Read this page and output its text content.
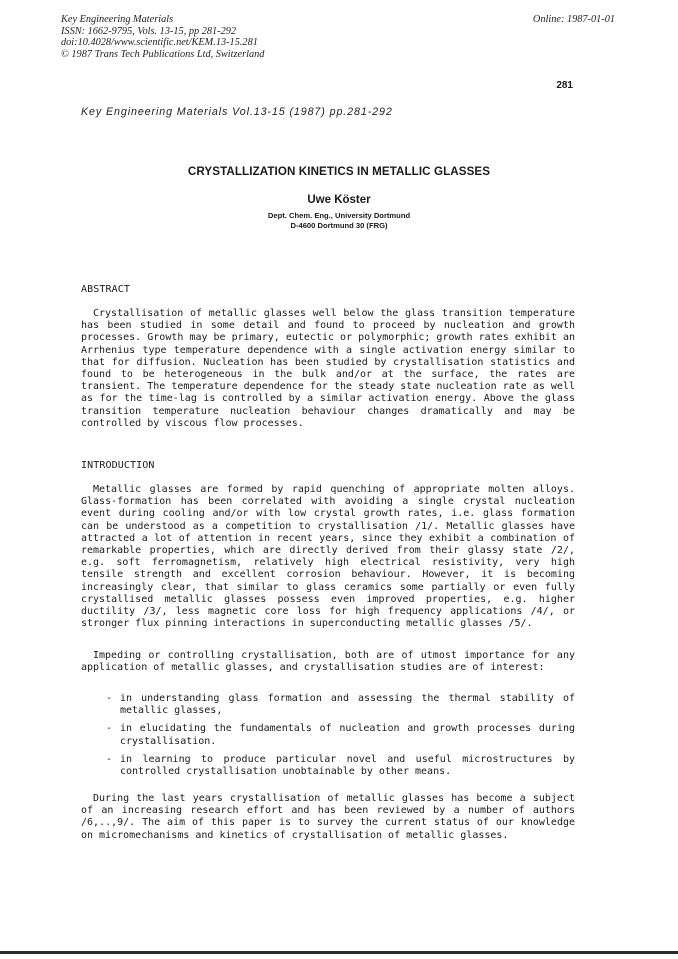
Key Engineering Materials
ISSN: 1662-9795, Vols. 13-15, pp 281-292
doi:10.4028/www.scientific.net/KEM.13-15.281
© 1987 Trans Tech Publications Ltd, Switzerland
Online: 1987-01-01
281
Key Engineering Materials Vol.13-15 (1987) pp.281-292
CRYSTALLIZATION KINETICS IN METALLIC GLASSES
Uwe Köster
Dept. Chem. Eng., University Dortmund
D-4600 Dortmund 30 (FRG)
ABSTRACT

Crystallisation of metallic glasses well below the glass transition temperature has been studied in some detail and found to proceed by nucleation and growth processes. Growth may be primary, eutectic or polymorphic; growth rates exhibit an Arrhenius type temperature dependence with a single activation energy similar to that for diffusion. Nucleation has been studied by crystallisation statistics and found to be heterogeneous in the bulk and/or at the surface, the rates are transient. The temperature dependence for the steady state nucleation rate as well as for the time-lag is controlled by a similar activation energy. Above the glass transition temperature nucleation behaviour changes dramatically and may be controlled by viscous flow processes.

INTRODUCTION

Metallic glasses are formed by rapid quenching of appropriate molten alloys. Glass-formation has been correlated with avoiding a single crystal nucleation event during cooling and/or with low crystal growth rates, i.e. glass formation can be understood as a competition to crystallisation /1/. Metallic glasses have attracted a lot of attention in recent years, since they exhibit a combination of remarkable properties, which are directly derived from their glassy state /2/, e.g. soft ferromagnetism, relatively high electrical resistivity, very high tensile strength and excellent corrosion behaviour. However, it is becoming increasingly clear, that similar to glass ceramics some partially or even fully crystallised metallic glasses possess even improved properties, e.g. higher ductility /3/, less magnetic core loss for high frequency applications /4/, or stronger flux pinning interactions in superconducting metallic glasses /5/.

Impeding or controlling crystallisation, both are of utmost importance for any application of metallic glasses, and crystallisation studies are of interest:

- in understanding glass formation and assessing the thermal stability of metallic glasses,
- in elucidating the fundamentals of nucleation and growth processes during crystallisation.
- in learning to produce particular novel and useful microstructures by controlled crystallisation unobtainable by other means.

During the last years crystallisation of metallic glasses has become a subject of an increasing research effort and has been reviewed by a number of authors /6,..,9/. The aim of this paper is to survey the current status of our knowledge on micromechanisms and kinetics of crystallisation of metallic glasses.
